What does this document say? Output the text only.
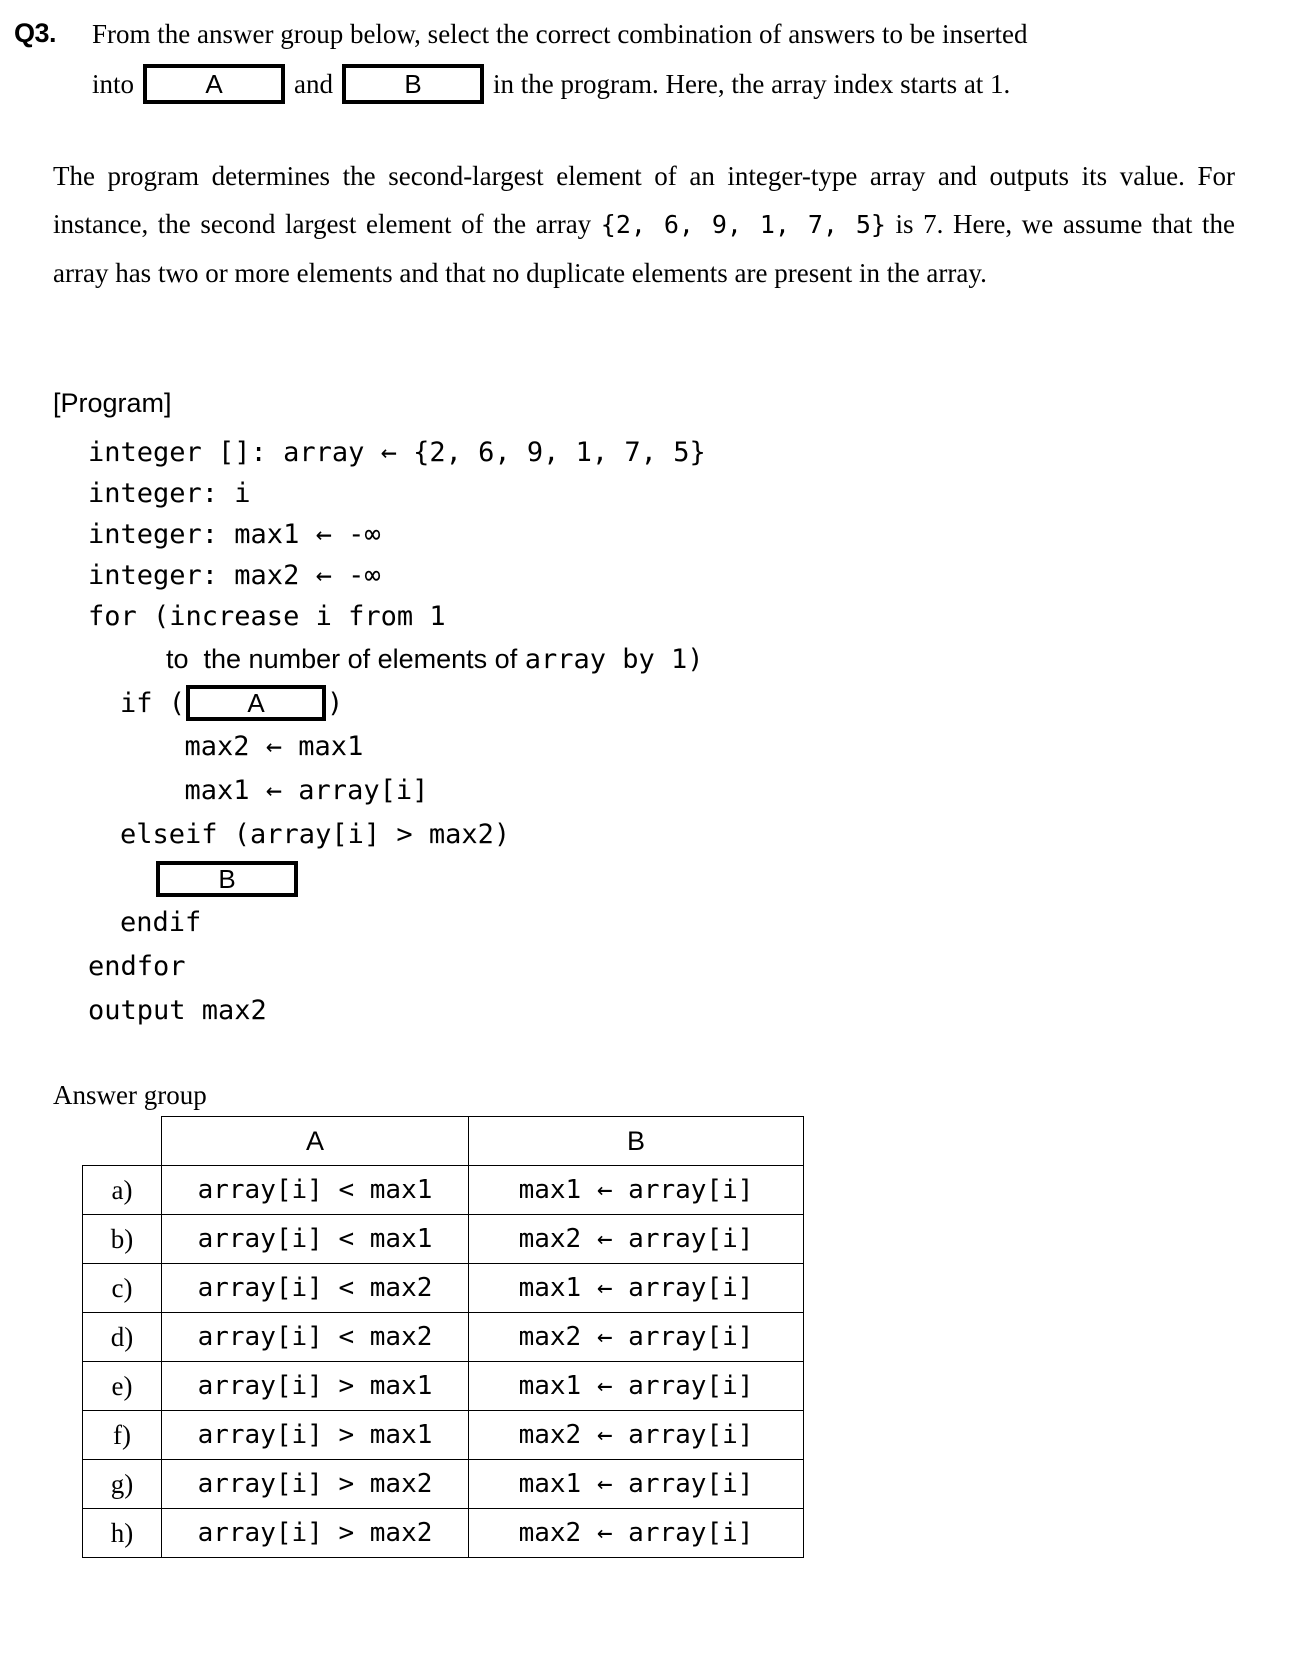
Q3. From the answer group below, select the correct combination of answers to be inserted
into	A	and	B	in the program. Here, the array index starts at 1.
The program determines the second-largest element of an integer-type array and outputs its value. For instance, the second largest element of the array {2, 6, 9, 1, 7, 5} is 7. Here, we assume that the array has two or more elements and that no duplicate elements are present in the array.
[Program]
integer []: array ← {2, 6, 9, 1, 7, 5}
integer: i
integer: max1 ← -∞
integer: max2 ← -∞
for (increase i from 1
to  the number of elements of array by 1)
if (	A	)
max2 ← max1
max1 ← array[i]
elseif (array[i] > max2)
B
endif
endfor
output max2
Answer group
	A	B
a)	array[i] < max1	max1 ← array[i]
b)	array[i] < max1	max2 ← array[i]
c)	array[i] < max2	max1 ← array[i]
d)	array[i] < max2	max2 ← array[i]
e)	array[i] > max1	max1 ← array[i]
f)	array[i] > max1	max2 ← array[i]
g)	array[i] > max2	max1 ← array[i]
h)	array[i] > max2	max2 ← array[i]
